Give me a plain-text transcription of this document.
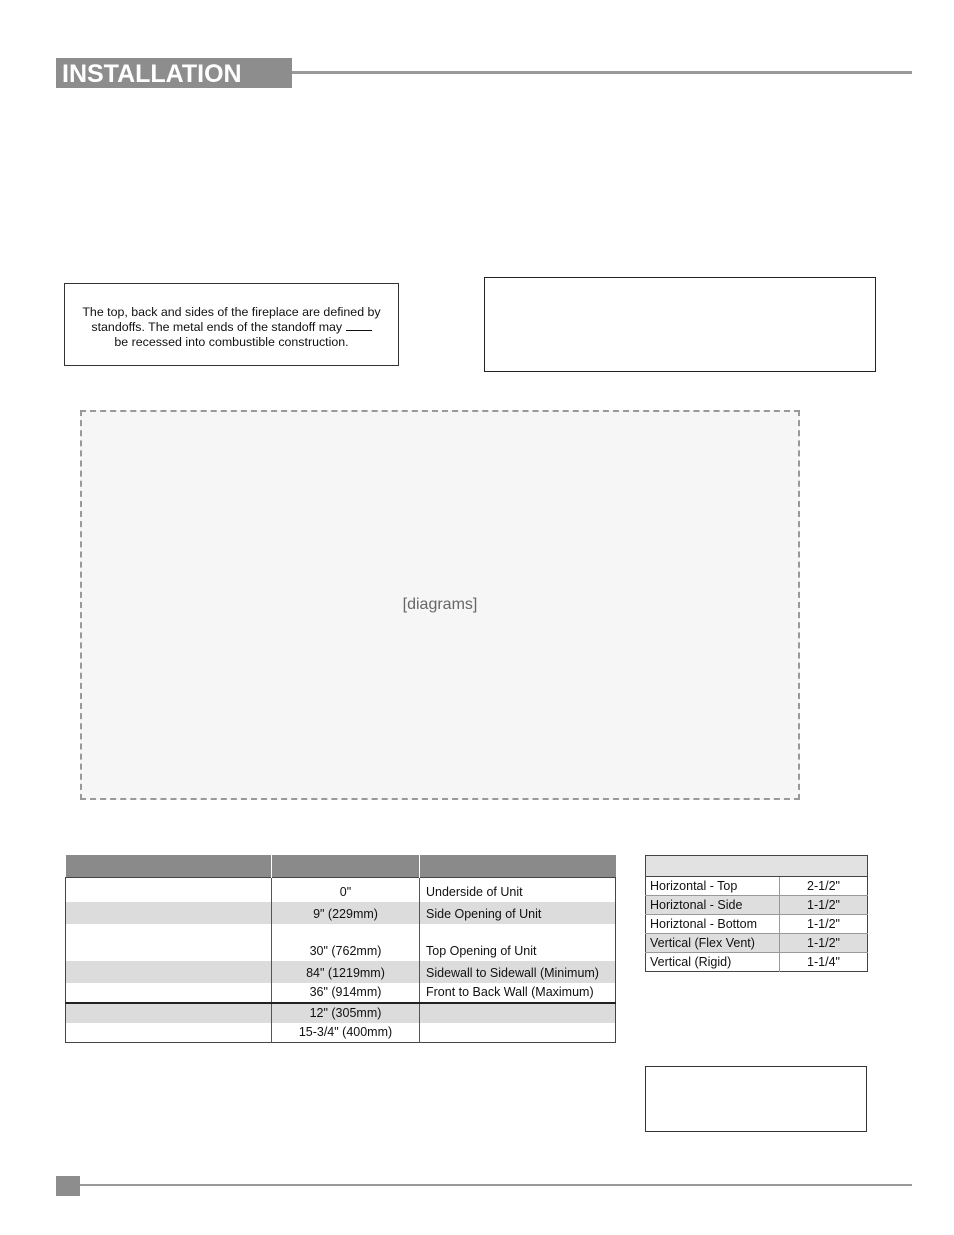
INSTALLATION
The top, back and sides of the fireplace are defined by
standoffs. The metal ends of the standoff may
be recessed into combustible construction.
[diagrams]

	0"	Underside of Unit
	9" (229mm)	Side Opening of Unit
	30" (762mm)	Top Opening of Unit
	84" (1219mm)	Sidewall to Sidewall (Minimum)
	36" (914mm)	Front to Back Wall (Maximum)
	12" (305mm)	
	15-3/4" (400mm)	

Horizontal - Top	2-1/2"
Horiztonal - Side	1-1/2"
Horiztonal - Bottom	1-1/2"
Vertical (Flex Vent)	1-1/2"
Vertical (Rigid)	1-1/4"
